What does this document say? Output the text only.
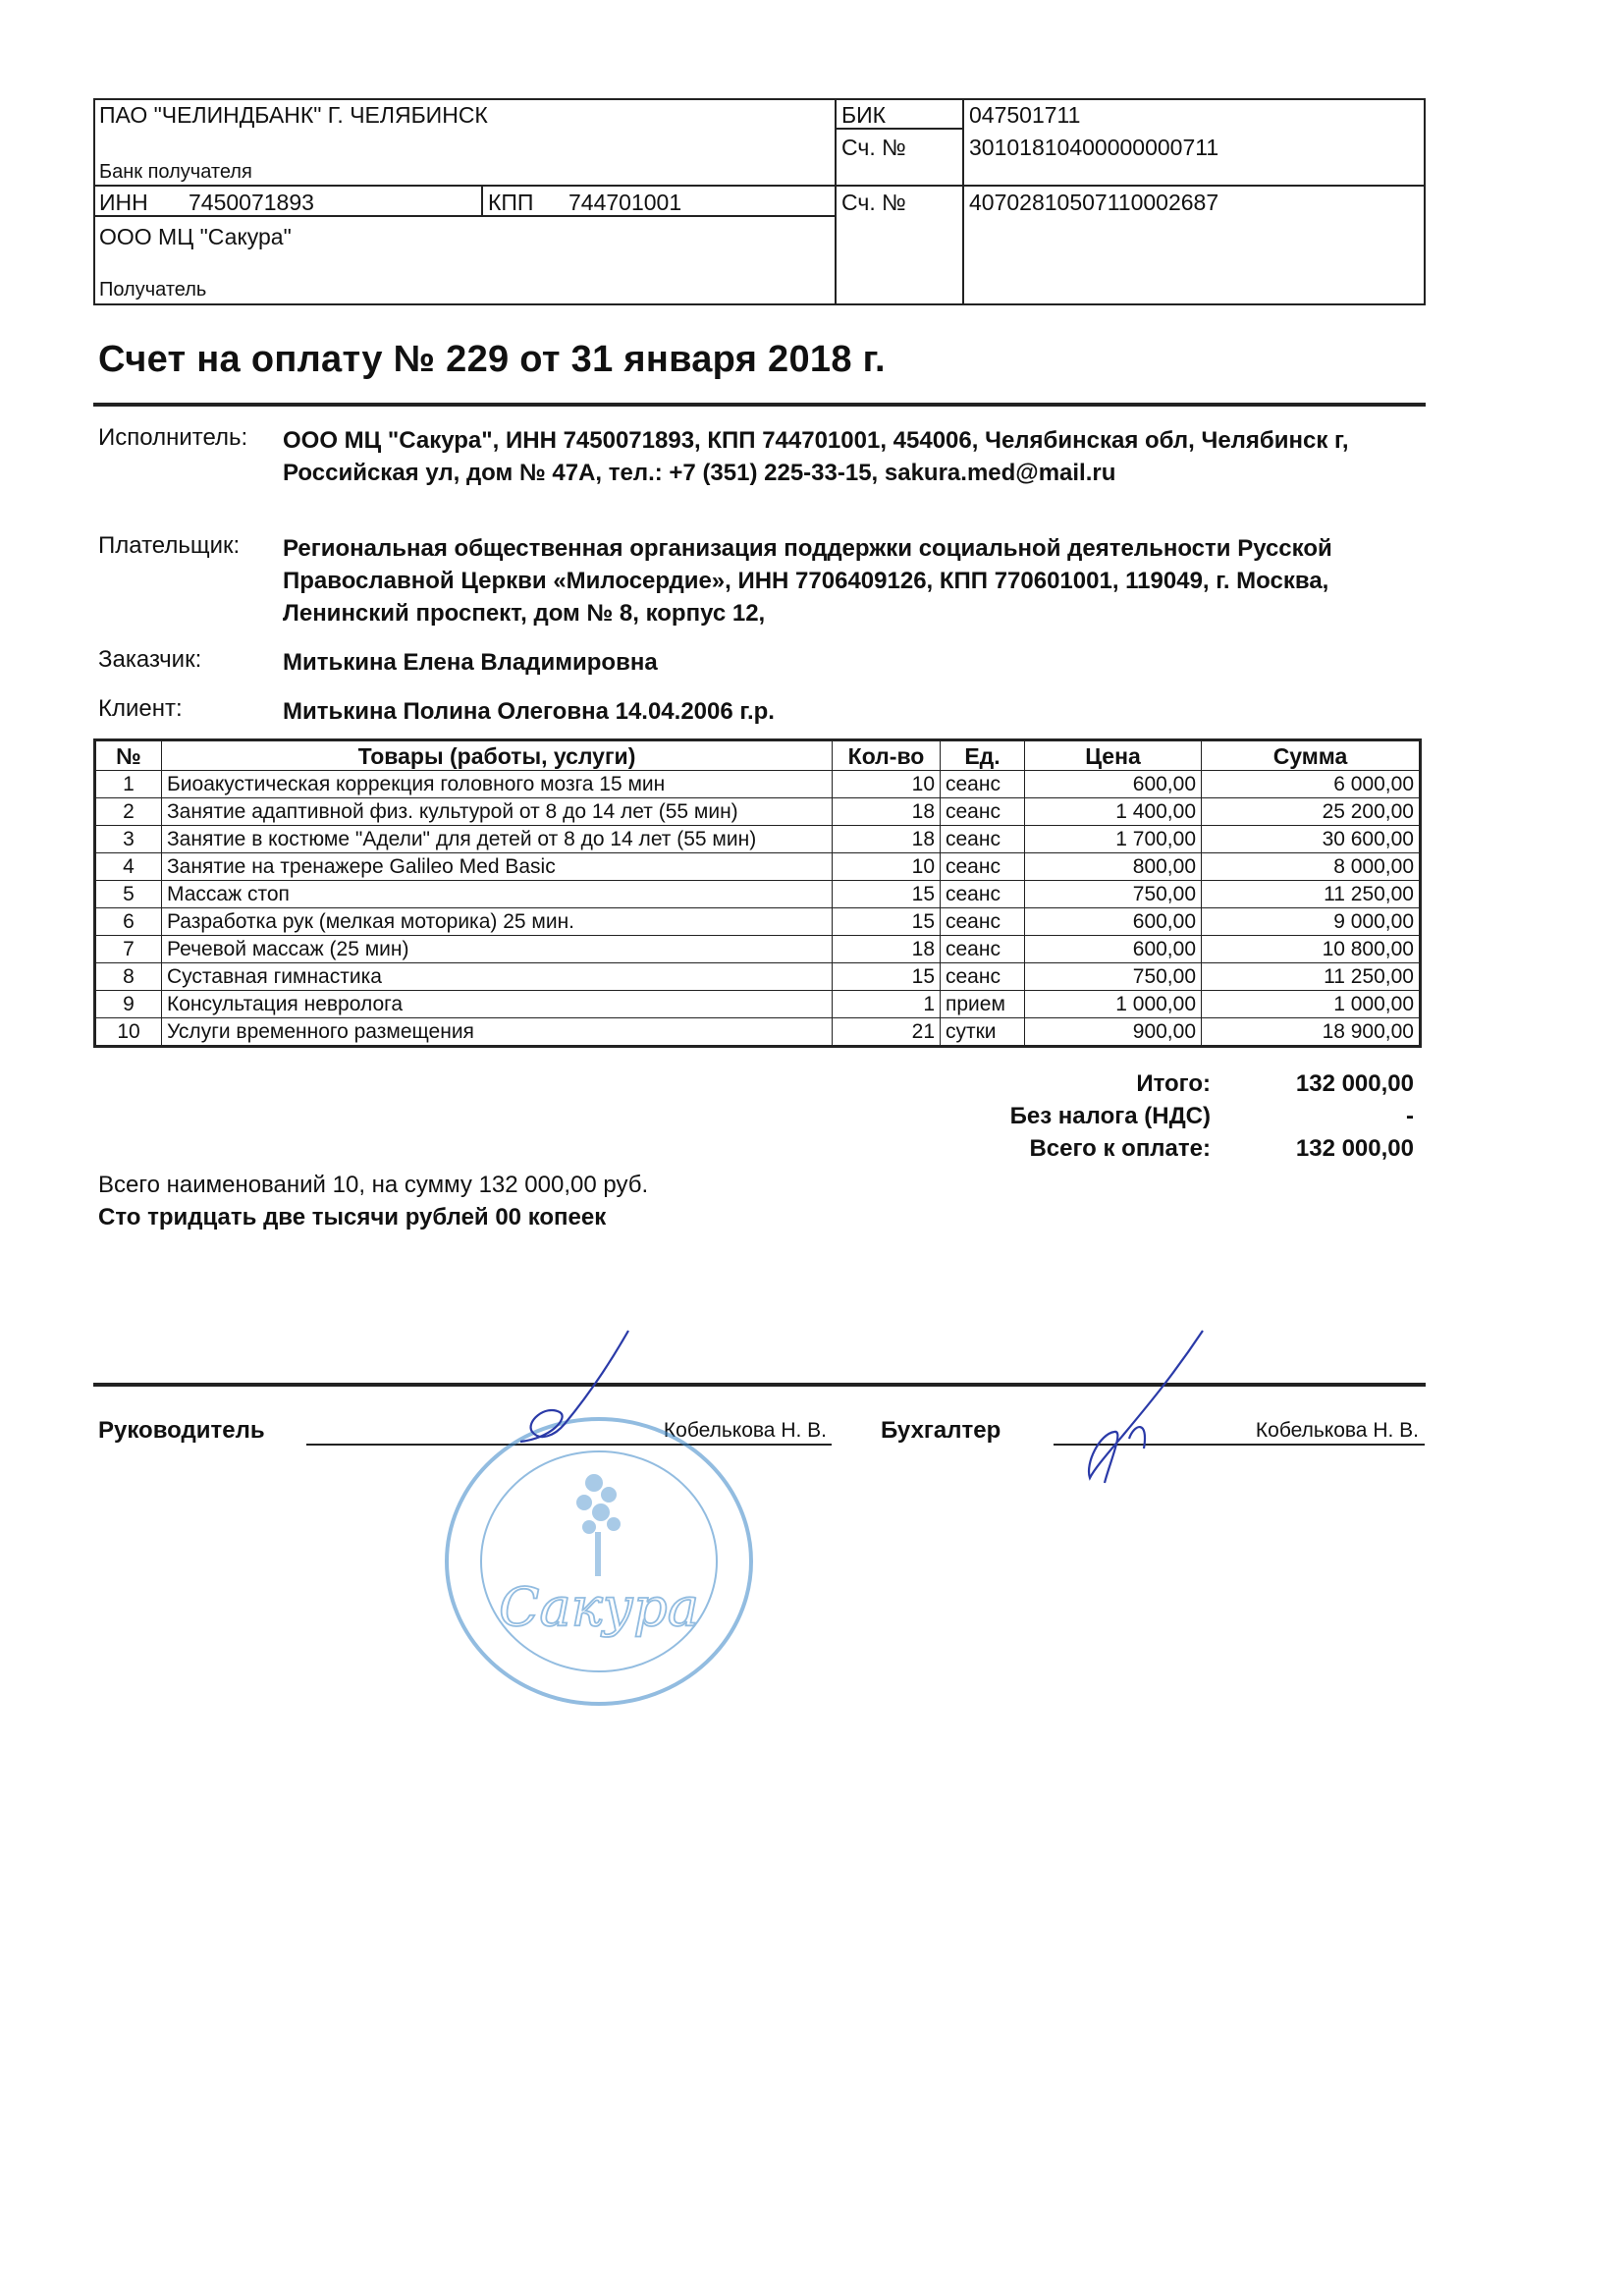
ПАО "ЧЕЛИНДБАНК" Г. ЧЕЛЯБИНСК
Банк получателя
БИК	047501711
Сч. №	30101810400000000711
ИНН 7450071893	КПП 744701001	Сч. №	40702810507110002687
ООО МЦ "Сакура"
Получатель
Счет на оплату № 229 от 31 января 2018 г.
Исполнитель:	ООО МЦ "Сакура", ИНН 7450071893, КПП 744701001, 454006, Челябинская обл, Челябинск г, Российская ул, дом № 47А, тел.: +7 (351) 225-33-15, sakura.med@mail.ru
Плательщик:	Региональная общественная организация поддержки социальной деятельности Русской Православной Церкви «Милосердие», ИНН 7706409126, КПП 770601001, 119049, г. Москва, Ленинский проспект, дом № 8, корпус 12,
Заказчик:	Митькина Елена Владимировна
Клиент:	Митькина Полина Олеговна 14.04.2006 г.р.
№	Товары (работы, услуги)	Кол-во	Ед.	Цена	Сумма
1	Биоакустическая коррекция головного мозга 15 мин	10	сеанс	600,00	6 000,00
2	Занятие адаптивной физ. культурой от 8 до 14 лет (55 мин)	18	сеанс	1 400,00	25 200,00
3	Занятие в костюме "Адели" для детей от 8 до 14 лет (55 мин)	18	сеанс	1 700,00	30 600,00
4	Занятие на тренажере Galileo Med Basic	10	сеанс	800,00	8 000,00
5	Массаж стоп	15	сеанс	750,00	11 250,00
6	Разработка рук (мелкая моторика) 25 мин.	15	сеанс	600,00	9 000,00
7	Речевой массаж (25 мин)	18	сеанс	600,00	10 800,00
8	Суставная гимнастика	15	сеанс	750,00	11 250,00
9	Консультация невролога	1	прием	1 000,00	1 000,00
10	Услуги временного размещения	21	сутки	900,00	18 900,00
Итого:	132 000,00
Без налога (НДС)	-
Всего к оплате:	132 000,00
Всего наименований 10, на сумму 132 000,00 руб.
Сто тридцать две тысячи рублей 00 копеек
Руководитель	Кобелькова Н. В. Бухгалтер	Кобелькова Н. В.
Сакура
